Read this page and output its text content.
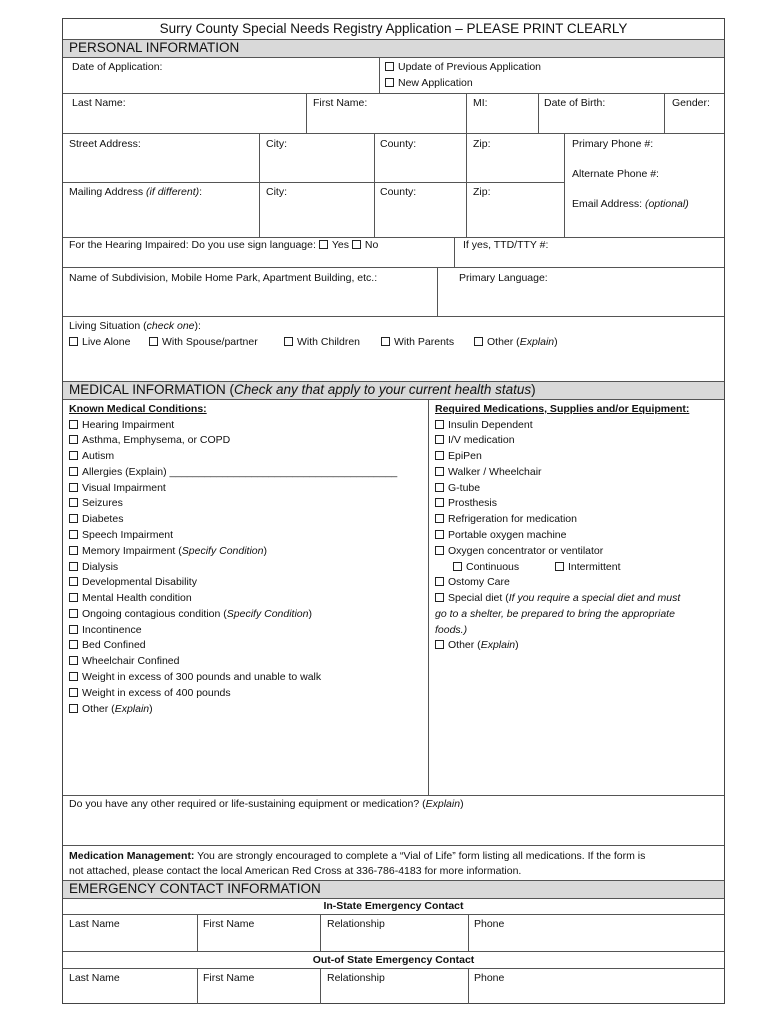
Surry County Special Needs Registry Application – PLEASE PRINT CLEARLY
PERSONAL INFORMATION
Date of Application:	Update of Previous Application
New Application
Last Name:	First Name:	MI:	Date of Birth:	Gender:
Street Address:	City:	County:	Zip:	Primary Phone #:
Alternate Phone #:
Mailing Address (if different):	City:	County:	Zip:
Email Address: (optional)
For the Hearing Impaired: Do you use sign language: Yes No	If yes, TTD/TTY #:
Name of Subdivision, Mobile Home Park, Apartment Building, etc.:	Primary Language:
Living Situation (check one):
Live Alone	With Spouse/partner	With Children	With Parents	Other (Explain)
MEDICAL INFORMATION (Check any that apply to your current health status)
Known Medical Conditions:
Hearing Impairment
Asthma, Emphysema, or COPD
Autism
Allergies (Explain) _______________________________________
Visual Impairment
Seizures
Diabetes
Speech Impairment
Memory Impairment (Specify Condition)
Dialysis
Developmental Disability
Mental Health condition
Ongoing contagious condition (Specify Condition)
Incontinence
Bed Confined
Wheelchair Confined
Weight in excess of 300 pounds and unable to walk
Weight in excess of 400 pounds
Other (Explain)
Required Medications, Supplies and/or Equipment:
Insulin Dependent
I/V medication
EpiPen
Walker / Wheelchair
G-tube
Prosthesis
Refrigeration for medication
Portable oxygen machine
Oxygen concentrator or ventilator
Continuous	Intermittent
Ostomy Care
Special diet (If you require a special diet and must
go to a shelter, be prepared to bring the appropriate
foods.)
Other (Explain)
Do you have any other required or life-sustaining equipment or medication? (Explain)
Medication Management: You are strongly encouraged to complete a “Vial of Life” form listing all medications. If the form is
not attached, please contact the local American Red Cross at 336-786-4183 for more information.
EMERGENCY CONTACT INFORMATION
In-State Emergency Contact
Last Name	First Name	Relationship	Phone
Out-of State Emergency Contact
Last Name	First Name	Relationship	Phone
